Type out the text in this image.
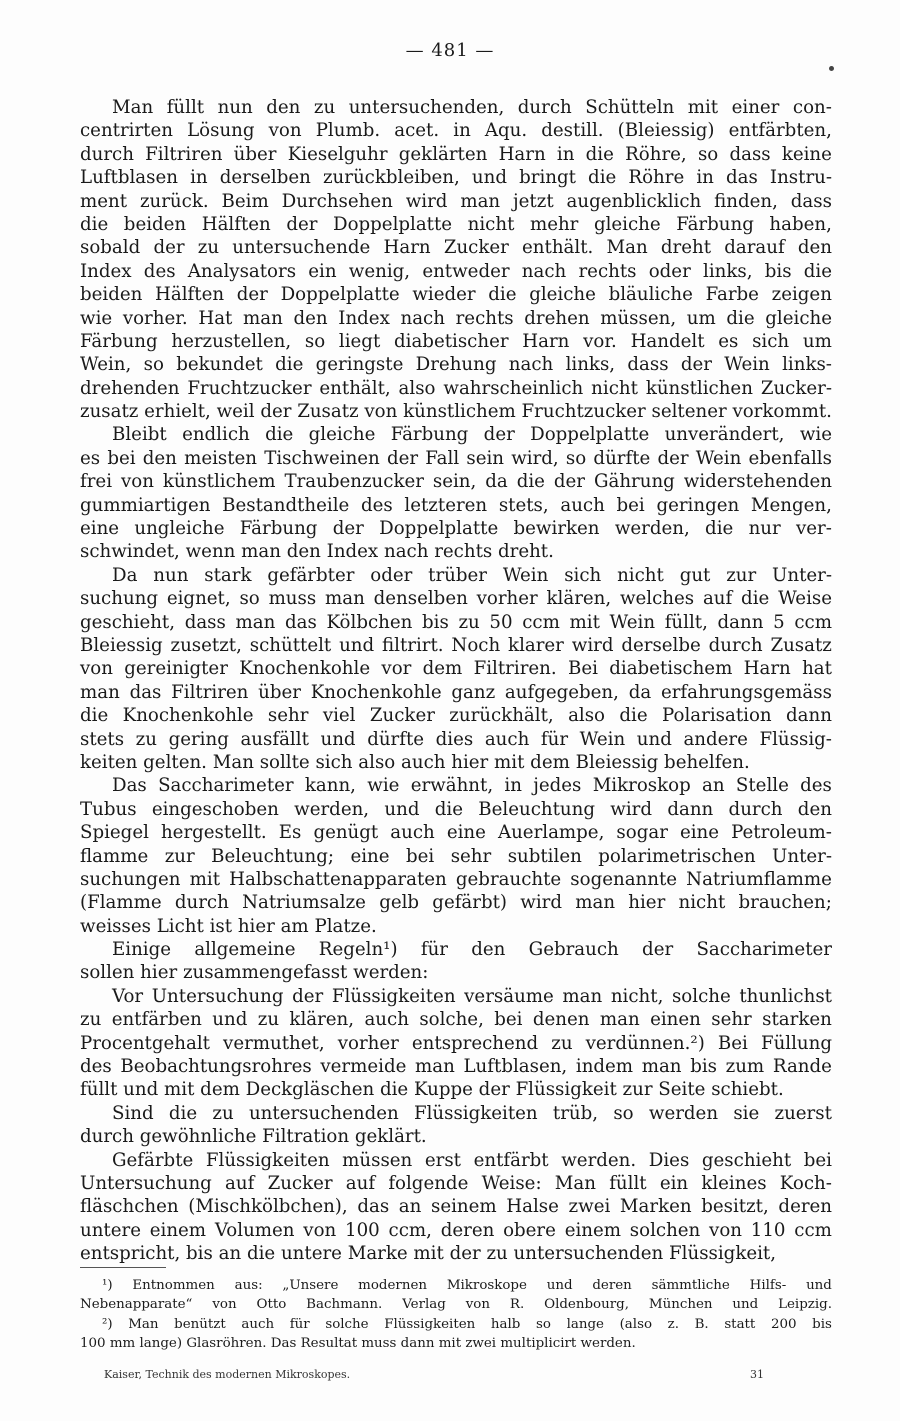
— 481 —
Man füllt nun den zu untersuchenden, durch Schütteln mit einer con-
centrirten Lösung von Plumb. acet. in Aqu. destill. (Bleiessig) entfärbten,
durch Filtriren über Kieselguhr geklärten Harn in die Röhre, so dass keine
Luftblasen in derselben zurückbleiben, und bringt die Röhre in das Instru-
ment zurück. Beim Durchsehen wird man jetzt augenblicklich finden, dass
die beiden Hälften der Doppelplatte nicht mehr gleiche Färbung haben,
sobald der zu untersuchende Harn Zucker enthält. Man dreht darauf den
Index des Analysators ein wenig, entweder nach rechts oder links, bis die
beiden Hälften der Doppelplatte wieder die gleiche bläuliche Farbe zeigen
wie vorher. Hat man den Index nach rechts drehen müssen, um die gleiche
Färbung herzustellen, so liegt diabetischer Harn vor. Handelt es sich um
Wein, so bekundet die geringste Drehung nach links, dass der Wein links-
drehenden Fruchtzucker enthält, also wahrscheinlich nicht künstlichen Zucker-
zusatz erhielt, weil der Zusatz von künstlichem Fruchtzucker seltener vorkommt.
Bleibt endlich die gleiche Färbung der Doppelplatte unverändert, wie
es bei den meisten Tischweinen der Fall sein wird, so dürfte der Wein ebenfalls
frei von künstlichem Traubenzucker sein, da die der Gährung widerstehenden
gummiartigen Bestandtheile des letzteren stets, auch bei geringen Mengen,
eine ungleiche Färbung der Doppelplatte bewirken werden, die nur ver-
schwindet, wenn man den Index nach rechts dreht.
Da nun stark gefärbter oder trüber Wein sich nicht gut zur Unter-
suchung eignet, so muss man denselben vorher klären, welches auf die Weise
geschieht, dass man das Kölbchen bis zu 50 ccm mit Wein füllt, dann 5 ccm
Bleiessig zusetzt, schüttelt und filtrirt. Noch klarer wird derselbe durch Zusatz
von gereinigter Knochenkohle vor dem Filtriren. Bei diabetischem Harn hat
man das Filtriren über Knochenkohle ganz aufgegeben, da erfahrungsgemäss
die Knochenkohle sehr viel Zucker zurückhält, also die Polarisation dann
stets zu gering ausfällt und dürfte dies auch für Wein und andere Flüssig-
keiten gelten. Man sollte sich also auch hier mit dem Bleiessig behelfen.
Das Saccharimeter kann, wie erwähnt, in jedes Mikroskop an Stelle des
Tubus eingeschoben werden, und die Beleuchtung wird dann durch den
Spiegel hergestellt. Es genügt auch eine Auerlampe, sogar eine Petroleum-
flamme zur Beleuchtung; eine bei sehr subtilen polarimetrischen Unter-
suchungen mit Halbschattenapparaten gebrauchte sogenannte Natriumflamme
(Flamme durch Natriumsalze gelb gefärbt) wird man hier nicht brauchen;
weisses Licht ist hier am Platze.
Einige allgemeine Regeln¹) für den Gebrauch der Saccharimeter
sollen hier zusammengefasst werden:
Vor Untersuchung der Flüssigkeiten versäume man nicht, solche thunlichst
zu entfärben und zu klären, auch solche, bei denen man einen sehr starken
Procentgehalt vermuthet, vorher entsprechend zu verdünnen.²) Bei Füllung
des Beobachtungsrohres vermeide man Luftblasen, indem man bis zum Rande
füllt und mit dem Deckgläschen die Kuppe der Flüssigkeit zur Seite schiebt.
Sind die zu untersuchenden Flüssigkeiten trüb, so werden sie zuerst
durch gewöhnliche Filtration geklärt.
Gefärbte Flüssigkeiten müssen erst entfärbt werden. Dies geschieht bei
Untersuchung auf Zucker auf folgende Weise: Man füllt ein kleines Koch-
fläschchen (Mischkölbchen), das an seinem Halse zwei Marken besitzt, deren
untere einem Volumen von 100 ccm, deren obere einem solchen von 110 ccm
entspricht, bis an die untere Marke mit der zu untersuchenden Flüssigkeit,
¹) Entnommen aus: „Unsere modernen Mikroskope und deren sämmtliche Hilfs- und
Nebenapparate“ von Otto Bachmann. Verlag von R. Oldenbourg, München und Leipzig.
²) Man benützt auch für solche Flüssigkeiten halb so lange (also z. B. statt 200 bis
100 mm lange) Glasröhren. Das Resultat muss dann mit zwei multiplicirt werden.
Kaiser, Technik des modernen Mikroskopes.	31
